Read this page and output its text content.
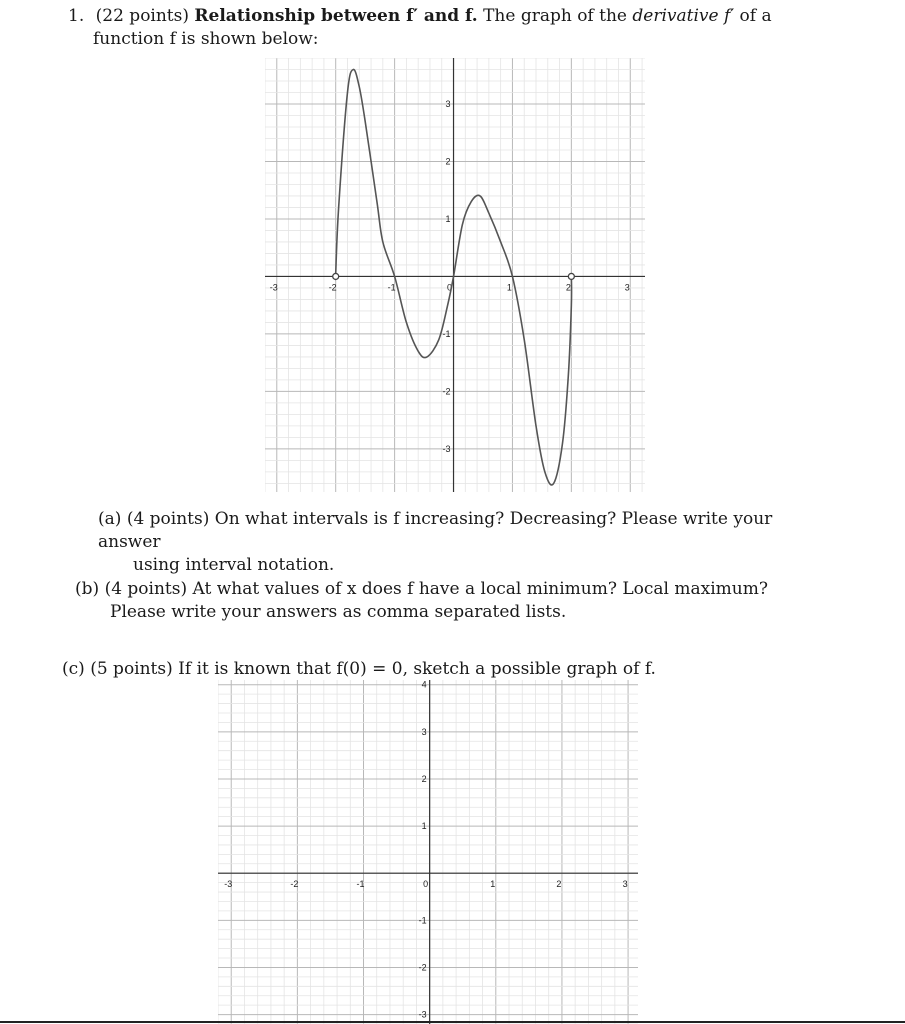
1. (22 points) Relationship between f′ and f. The graph of the derivative f′ of a
function f is shown below:
-3	-2	-1	0	1	2	3
3
2
1
-1
-2
-3
(a) (4 points) On what intervals is f increasing? Decreasing? Please write your answer
using interval notation.
(b) (4 points) At what values of x does f have a local minimum? Local maximum?
Please write your answers as comma separated lists.
(c) (5 points) If it is known that f(0) = 0, sketch a possible graph of f.
-3	-2	-1	0	1	2	3
4
3
2
1
-1
-2
-3
